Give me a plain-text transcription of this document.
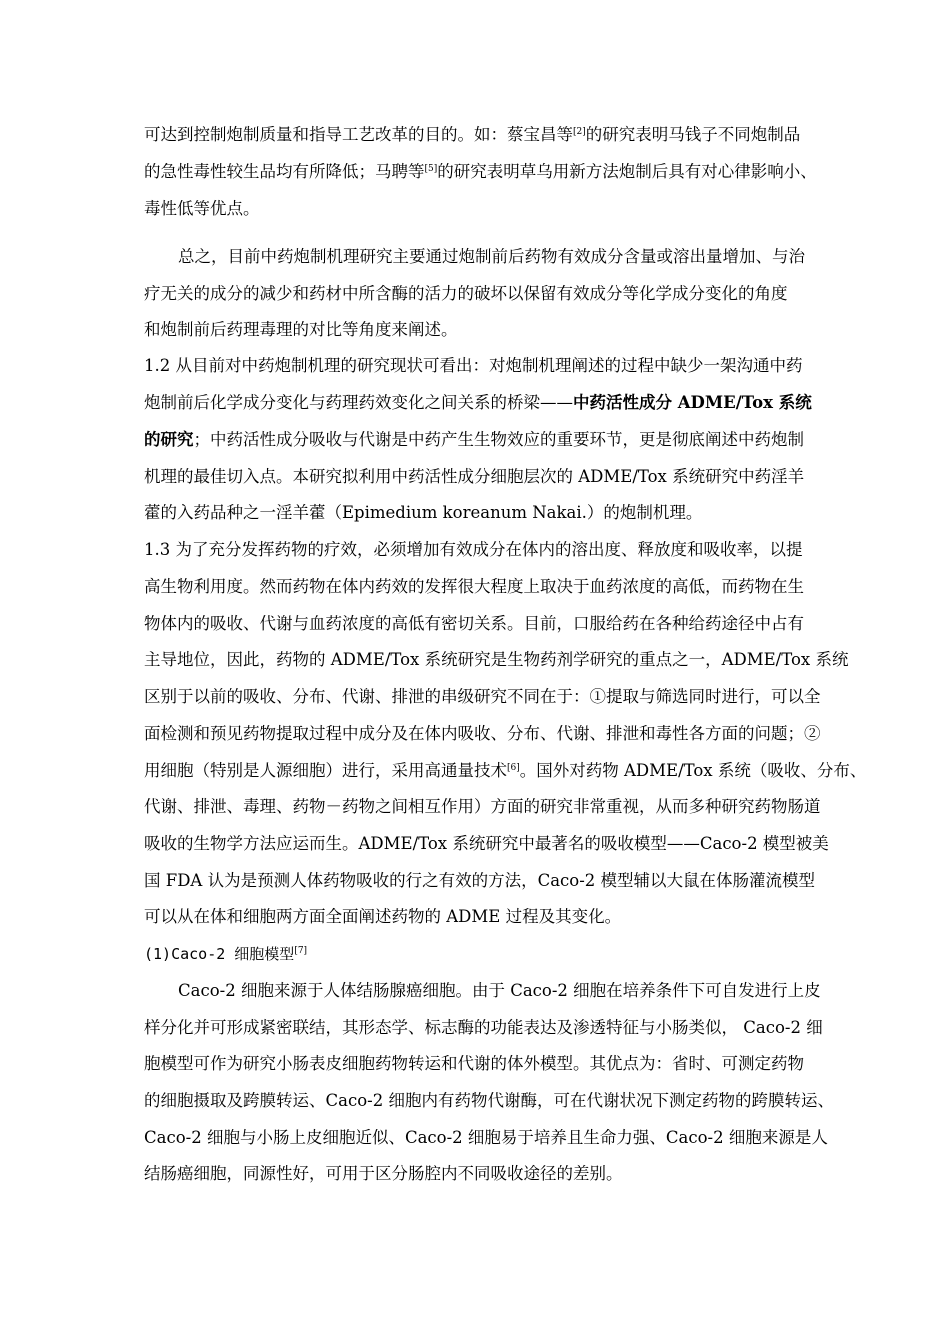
可达到控制炮制质量和指导工艺改革的目的。如：蔡宝昌等[2]的研究表明马钱子不同炮制品
的急性毒性较生品均有所降低；马聘等[5]的研究表明草乌用新方法炮制后具有对心律影响小、
毒性低等优点。
总之，目前中药炮制机理研究主要通过炮制前后药物有效成分含量或溶出量增加、与治
疗无关的成分的减少和药材中所含酶的活力的破坏以保留有效成分等化学成分变化的角度
和炮制前后药理毒理的对比等角度来阐述。
1.2 从目前对中药炮制机理的研究现状可看出：对炮制机理阐述的过程中缺少一架沟通中药
炮制前后化学成分变化与药理药效变化之间关系的桥梁——中药活性成分 ADME/Tox 系统
的研究；中药活性成分吸收与代谢是中药产生生物效应的重要环节，更是彻底阐述中药炮制
机理的最佳切入点。本研究拟利用中药活性成分细胞层次的 ADME/Tox 系统研究中药淫羊
藿的入药品种之一淫羊藿（Epimedium koreanum Nakai.）的炮制机理。
1.3 为了充分发挥药物的疗效，必须增加有效成分在体内的溶出度、释放度和吸收率，以提
高生物利用度。然而药物在体内药效的发挥很大程度上取决于血药浓度的高低，而药物在生
物体内的吸收、代谢与血药浓度的高低有密切关系。目前，口服给药在各种给药途径中占有
主导地位，因此，药物的 ADME/Tox 系统研究是生物药剂学研究的重点之一，ADME/Tox 系统
区别于以前的吸收、分布、代谢、排泄的串级研究不同在于：①提取与筛选同时进行，可以全
面检测和预见药物提取过程中成分及在体内吸收、分布、代谢、排泄和毒性各方面的问题；②
用细胞（特别是人源细胞）进行，采用高通量技术[6]。国外对药物 ADME/Tox 系统（吸收、分布、
代谢、排泄、毒理、药物－药物之间相互作用）方面的研究非常重视，从而多种研究药物肠道
吸收的生物学方法应运而生。ADME/Tox 系统研究中最著名的吸收模型——Caco-2 模型被美
国 FDA 认为是预测人体药物吸收的行之有效的方法，Caco-2 模型辅以大鼠在体肠灌流模型
可以从在体和细胞两方面全面阐述药物的 ADME 过程及其变化。
(1)Caco-2 细胞模型[7]
Caco-2 细胞来源于人体结肠腺癌细胞。由于 Caco-2 细胞在培养条件下可自发进行上皮
样分化并可形成紧密联结，其形态学、标志酶的功能表达及渗透特征与小肠类似， Caco-2 细
胞模型可作为研究小肠表皮细胞药物转运和代谢的体外模型。其优点为：省时、可测定药物
的细胞摄取及跨膜转运、Caco-2 细胞内有药物代谢酶，可在代谢状况下测定药物的跨膜转运、
Caco-2 细胞与小肠上皮细胞近似、Caco-2 细胞易于培养且生命力强、Caco-2 细胞来源是人
结肠癌细胞，同源性好，可用于区分肠腔内不同吸收途径的差别。
